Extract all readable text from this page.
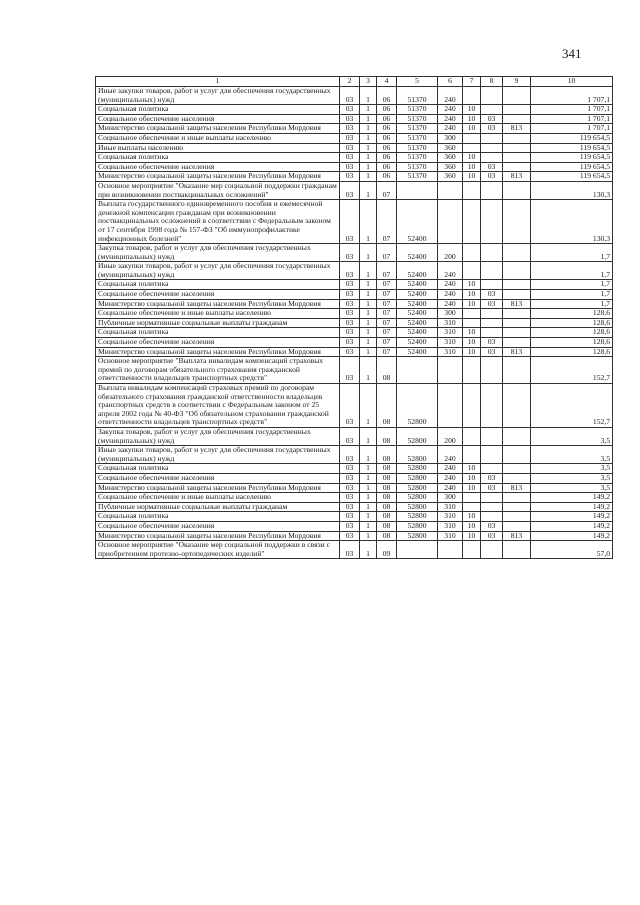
341
1	2	3	4	5	6	7	8	9	10
Иные закупки товаров, работ и услуг для обеспечения государственных (муниципальных) нужд	03	1	06	51370	240				1 707,1
Социальная политика	03	1	06	51370	240	10			1 707,1
Социальное обеспечение населения	03	1	06	51370	240	10	03		1 707,1
Министерство социальной защиты населения Республики Мордовия	03	1	06	51370	240	10	03	813	1 707,1
Социальное обеспечение и иные выплаты населению	03	1	06	51370	300				119 654,5
Иные выплаты населению	03	1	06	51370	360				119 654,5
Социальная политика	03	1	06	51370	360	10			119 654,5
Социальное обеспечение населения	03	1	06	51370	360	10	03		119 654,5
Министерство социальной защиты населения Республики Мордовия	03	1	06	51370	360	10	03	813	119 654,5
Основное мероприятие "Оказание мер социальной поддержки гражданам при возникновении поствакцинальных осложнений"	03	1	07						130,3
Выплата государственного единовременного пособия и ежемесячной денежной компенсации гражданам при возникновении поствакцинальных осложнений в соответствии с Федеральным законом от 17 сентября 1998 года № 157-ФЗ "Об иммунопрофилактике инфекционных болезней"	03	1	07	52400					130,3
Закупка товаров, работ и услуг для обеспечения государственных (муниципальных) нужд	03	1	07	52400	200				1,7
Иные закупки товаров, работ и услуг для обеспечения государственных (муниципальных) нужд	03	1	07	52400	240				1,7
Социальная политика	03	1	07	52400	240	10			1,7
Социальное обеспечение населения	03	1	07	52400	240	10	03		1,7
Министерство социальной защиты населения Республики Мордовия	03	1	07	52400	240	10	03	813	1,7
Социальное обеспечение и иные выплаты населению	03	1	07	52400	300				128,6
Публичные нормативные социальные выплаты гражданам	03	1	07	52400	310				128,6
Социальная политика	03	1	07	52400	310	10			128,6
Социальное обеспечение населения	03	1	07	52400	310	10	03		128,6
Министерство социальной защиты населения Республики Мордовия	03	1	07	52400	310	10	03	813	128,6
Основное мероприятие "Выплата инвалидам компенсаций страховых премий по договорам обязательного страхования гражданской ответственности владельцев транспортных средств"	03	1	08						152,7
Выплата инвалидам компенсаций страховых премий по договорам обязательного страхования гражданской ответственности владельцев транспортных средств в соответствии с Федеральным законом от 25 апреля 2002 года № 40-ФЗ "Об обязательном страховании гражданской ответственности владельцев транспортных средств"	03	1	08	52800					152,7
Закупка товаров, работ и услуг для обеспечения государственных (муниципальных) нужд	03	1	08	52800	200				3,5
Иные закупки товаров, работ и услуг для обеспечения государственных (муниципальных) нужд	03	1	08	52800	240				3,5
Социальная политика	03	1	08	52800	240	10			3,5
Социальное обеспечение населения	03	1	08	52800	240	10	03		3,5
Министерство социальной защиты населения Республики Мордовия	03	1	08	52800	240	10	03	813	3,5
Социальное обеспечение и иные выплаты населению	03	1	08	52800	300				149,2
Публичные нормативные социальные выплаты гражданам	03	1	08	52800	310				149,2
Социальная политика	03	1	08	52800	310	10			149,2
Социальное обеспечение населения	03	1	08	52800	310	10	03		149,2
Министерство социальной защиты населения Республики Мордовия	03	1	08	52800	310	10	03	813	149,2
Основное мероприятие "Оказание мер социальной поддержки в связи с приобретением протезно-ортопедических изделий"	03	1	09						57,0
